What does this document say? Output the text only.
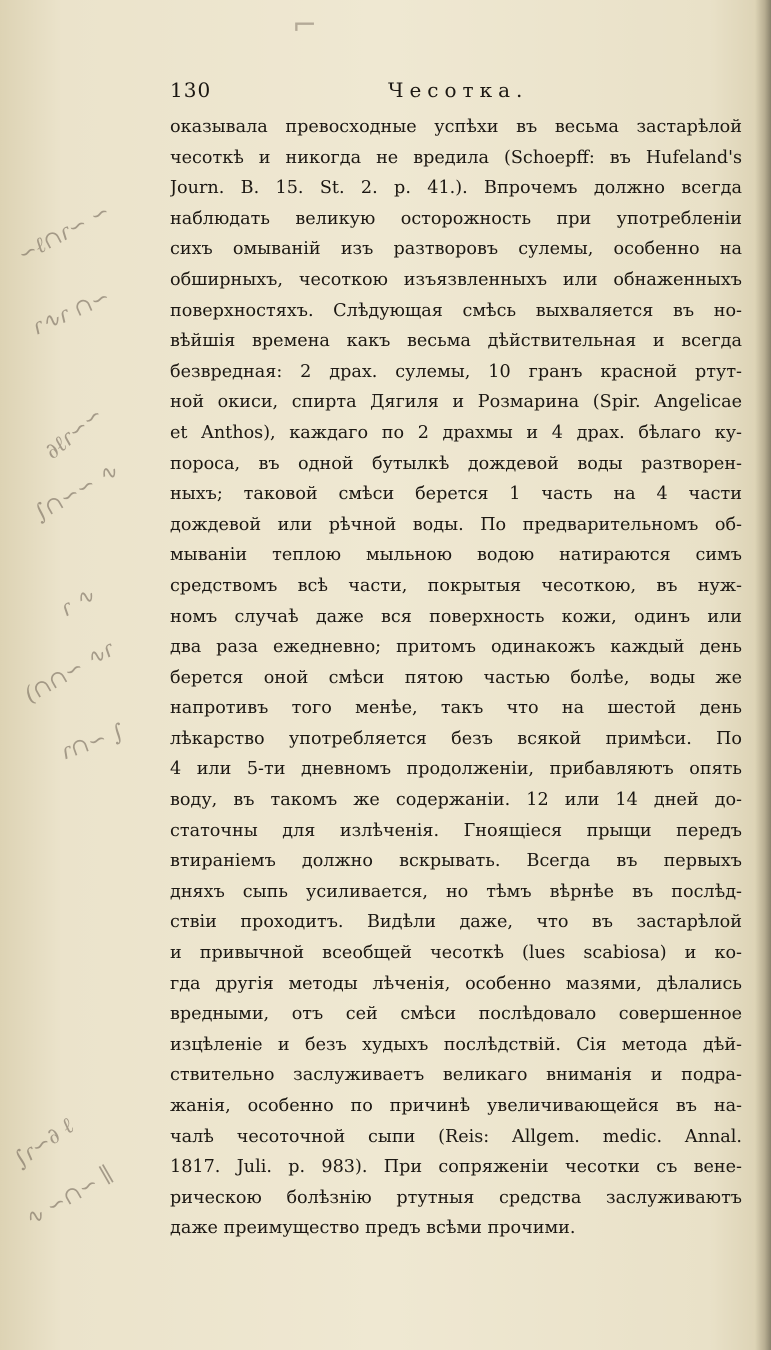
⌐
130	Чесотка.
оказывала превосходные успѣхи въ весьма застарѣлой
чесоткѣ и никогда не вредила (Schoepff: въ Hufeland's
Journ. B. 15. St. 2. p. 41.). Впрочемъ должно всегда
наблюдать великую осторожность при употребленіи
сихъ омываній изъ разтворовъ сулемы, особенно на
обширныхъ, чесоткою изъязвленныхъ или обнаженныхъ
поверхностяхъ. Слѣдующая смѣсь выхваляется въ но-
вѣйшія времена какъ весьма дѣйствительная и всегда
безвредная: 2 драх. сулемы, 10 гранъ красной ртут-
ной окиси, спирта Дягиля и Розмарина (Spir. Angelicae
et Anthos), каждаго по 2 драхмы и 4 драх. бѣлаго ку-
пороса, въ одной бутылкѣ дождевой воды разтворен-
ныхъ; таковой смѣси берется 1 часть на 4 части
дождевой или рѣчной воды. По предварительномъ об-
мываніи теплою мыльною водою натираются симъ
средствомъ всѣ части, покрытыя чесоткою, въ нуж-
номъ случаѣ даже вся поверхность кожи, одинъ или
два раза ежедневно; притомъ одинакожъ каждый день
берется оной смѣси пятою частью болѣе, воды же
напротивъ того менѣе, такъ что на шестой день
лѣкарство употребляется безъ всякой примѣси. По
4 или 5-ти дневномъ продолженіи, прибавляютъ опять
воду, въ такомъ же содержаніи. 12 или 14 дней до-
статочны для излѣченія. Гноящіеся прыщи передъ
втираніемъ должно вскрывать. Всегда въ первыхъ
дняхъ сыпь усиливается, но тѣмъ вѣрнѣе въ послѣд-
ствіи проходитъ. Видѣли даже, что въ застарѣлой
и привычной всеобщей чесоткѣ (lues scabiosa) и ко-
гда другія методы лѣченія, особенно мазями, дѣлались
вредными, отъ сей смѣси послѣдовало совершенное
изцѣленіе и безъ худыхъ послѣдствій. Сія метода дѣй-
ствительно заслуживаетъ великаго вниманія и подра-
жанія, особенно по причинѣ увеличивающейся въ на-
чалѣ чесоточной сыпи (Reis: Allgem. medic. Annal.
1817. Juli. p. 983). При сопряженіи чесотки съ вене-
рическою болѣзнію ртутныя средства заслуживаютъ
даже преимущество предъ всѣми прочими.
∽ℓ∩ɾ∽ ∽
ɾ∿ɾ ∩∽
∂ℓɾ∽∽
∫∩∽∽ ∿
ɾ ∿
(∩∩∽ ∿ɾ
ɾ∩∽ ∫
∫ɾ∽∂ ℓ
∿ ∽∩∽ ∥
